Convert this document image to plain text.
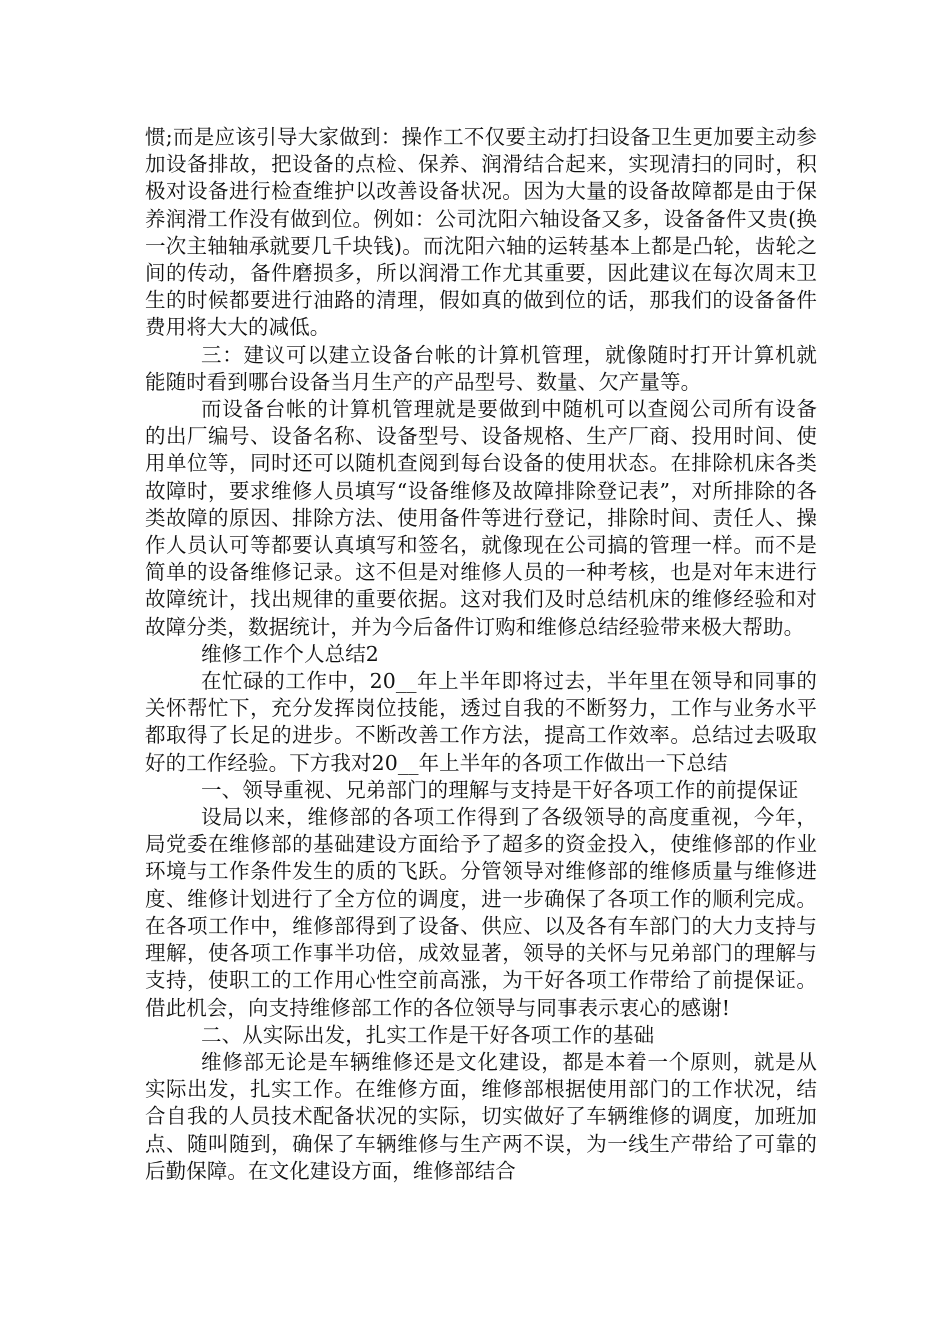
惯;而是应该引导大家做到：操作工不仅要主动打扫设备卫生更加要主动参加设备排故，把设备的点检、保养、润滑结合起来，实现清扫的同时，积极对设备进行检查维护以改善设备状况。因为大量的设备故障都是由于保养润滑工作没有做到位。例如：公司沈阳六轴设备又多，设备备件又贵(换一次主轴轴承就要几千块钱)。而沈阳六轴的运转基本上都是凸轮，齿轮之间的传动，备件磨损多，所以润滑工作尤其重要，因此建议在每次周末卫生的时候都要进行油路的清理，假如真的做到位的话，那我们的设备备件费用将大大的减低。

三：建议可以建立设备台帐的计算机管理，就像随时打开计算机就能随时看到哪台设备当月生产的产品型号、数量、欠产量等。

而设备台帐的计算机管理就是要做到中随机可以查阅公司所有设备的出厂编号、设备名称、设备型号、设备规格、生产厂商、投用时间、使用单位等，同时还可以随机查阅到每台设备的使用状态。在排除机床各类故障时，要求维修人员填写“设备维修及故障排除登记表”，对所排除的各类故障的原因、排除方法、使用备件等进行登记，排除时间、责任人、操作人员认可等都要认真填写和签名，就像现在公司搞的管理一样。而不是简单的设备维修记录。这不但是对维修人员的一种考核，也是对年末进行故障统计，找出规律的重要依据。这对我们及时总结机床的维修经验和对故障分类，数据统计，并为今后备件订购和维修总结经验带来极大帮助。

维修工作个人总结2

在忙碌的工作中，20__年上半年即将过去，半年里在领导和同事的关怀帮忙下，充分发挥岗位技能，透过自我的不断努力，工作与业务水平都取得了长足的进步。不断改善工作方法，提高工作效率。总结过去吸取好的工作经验。下方我对20__年上半年的各项工作做出一下总结

一、领导重视、兄弟部门的理解与支持是干好各项工作的前提保证

设局以来，维修部的各项工作得到了各级领导的高度重视，今年，局党委在维修部的基础建设方面给予了超多的资金投入，使维修部的作业环境与工作条件发生的质的飞跃。分管领导对维修部的维修质量与维修进度、维修计划进行了全方位的调度，进一步确保了各项工作的顺利完成。在各项工作中，维修部得到了设备、供应、以及各有车部门的大力支持与理解，使各项工作事半功倍，成效显著，领导的关怀与兄弟部门的理解与支持，使职工的工作用心性空前高涨，为干好各项工作带给了前提保证。借此机会，向支持维修部工作的各位领导与同事表示衷心的感谢!

二、从实际出发，扎实工作是干好各项工作的基础

维修部无论是车辆维修还是文化建设，都是本着一个原则，就是从实际出发，扎实工作。在维修方面，维修部根据使用部门的工作状况，结合自我的人员技术配备状况的实际，切实做好了车辆维修的调度，加班加点、随叫随到，确保了车辆维修与生产两不误，为一线生产带给了可靠的后勤保障。在文化建设方面，维修部结合
